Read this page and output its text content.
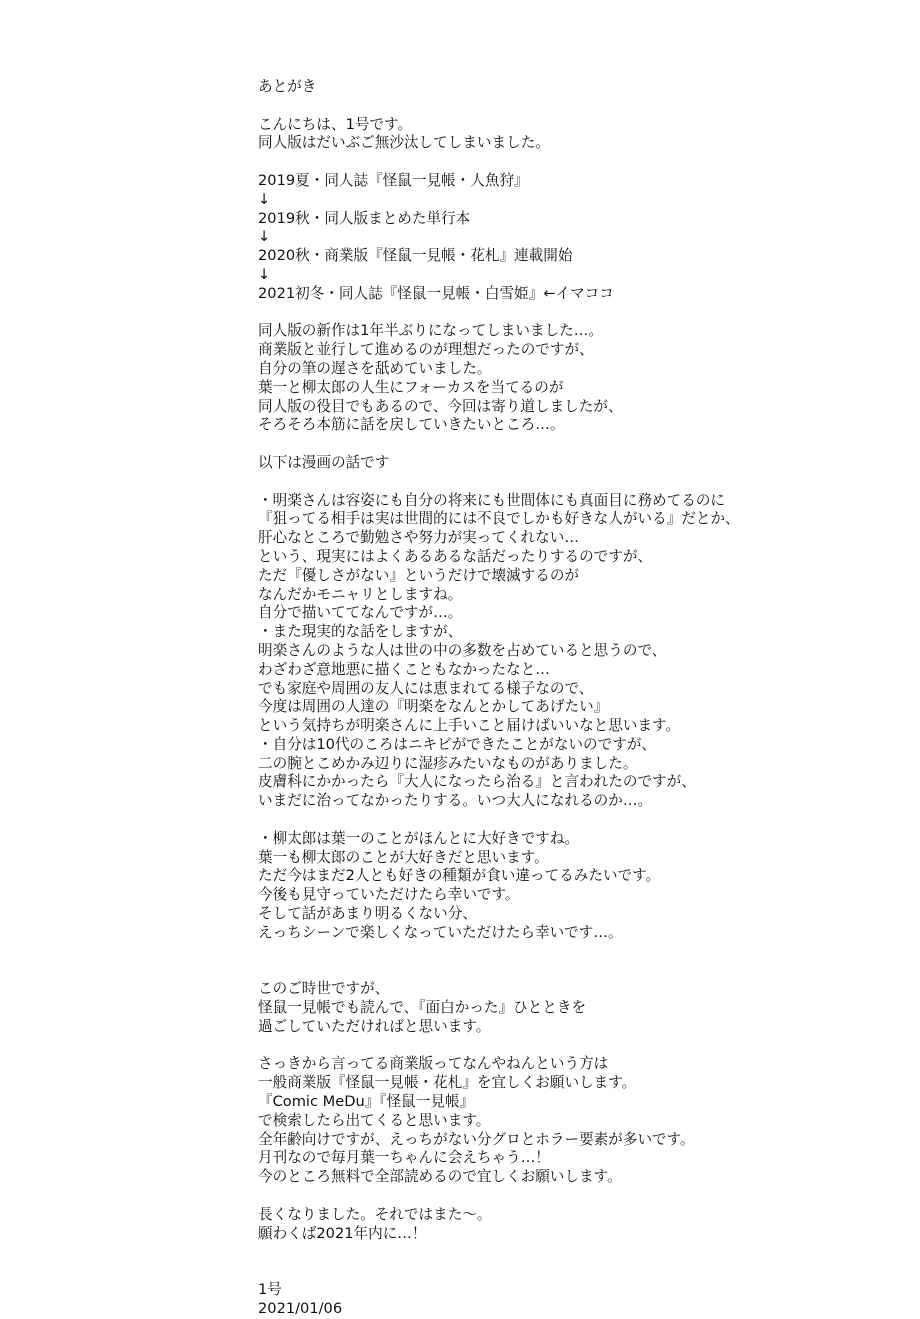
あとがき
こんにちは、1号です。
同人版はだいぶご無沙汰してしまいました。
2019夏・同人誌『怪鼠一見帳・人魚狩』
↓
2019秋・同人版まとめた単行本
↓
2020秋・商業版『怪鼠一見帳・花札』連載開始
↓
2021初冬・同人誌『怪鼠一見帳・白雪姫』←イマココ
同人版の新作は1年半ぶりになってしまいました…。
商業版と並行して進めるのが理想だったのですが、
自分の筆の遅さを舐めていました。
葉一と柳太郎の人生にフォーカスを当てるのが
同人版の役目でもあるので、今回は寄り道しましたが、
そろそろ本筋に話を戻していきたいところ…。
以下は漫画の話です
・明楽さんは容姿にも自分の将来にも世間体にも真面目に務めてるのに
『狙ってる相手は実は世間的には不良でしかも好きな人がいる』だとか、
肝心なところで勤勉さや努力が実ってくれない…
という、現実にはよくあるあるな話だったりするのですが、
ただ『優しさがない』というだけで壊滅するのが
なんだかモニャリとしますね。
自分で描いててなんですが…。
・また現実的な話をしますが、
明楽さんのような人は世の中の多数を占めていると思うので、
わざわざ意地悪に描くこともなかったなと…
でも家庭や周囲の友人には恵まれてる様子なので、
今度は周囲の人達の『明楽をなんとかしてあげたい』
という気持ちが明楽さんに上手いこと届けばいいなと思います。
・自分は10代のころはニキビができたことがないのですが、
二の腕とこめかみ辺りに湿疹みたいなものがありました。
皮膚科にかかったら『大人になったら治る』と言われたのですが、
いまだに治ってなかったりする。いつ大人になれるのか…。
・柳太郎は葉一のことがほんとに大好きですね。
葉一も柳太郎のことが大好きだと思います。
ただ今はまだ2人とも好きの種類が食い違ってるみたいです。
今後も見守っていただけたら幸いです。
そして話があまり明るくない分、
えっちシーンで楽しくなっていただけたら幸いです…。
このご時世ですが、
怪鼠一見帳でも読んで、『面白かった』ひとときを
過ごしていただければと思います。
さっきから言ってる商業版ってなんやねんという方は
一般商業版『怪鼠一見帳・花札』を宜しくお願いします。
『Comic MeDu』『怪鼠一見帳』
で検索したら出てくると思います。
全年齢向けですが、えっちがない分グロとホラー要素が多いです。
月刊なので毎月葉一ちゃんに会えちゃう…！
今のところ無料で全部読めるので宜しくお願いします。
長くなりました。それではまた～。
願わくば2021年内に…！
1号
2021/01/06
